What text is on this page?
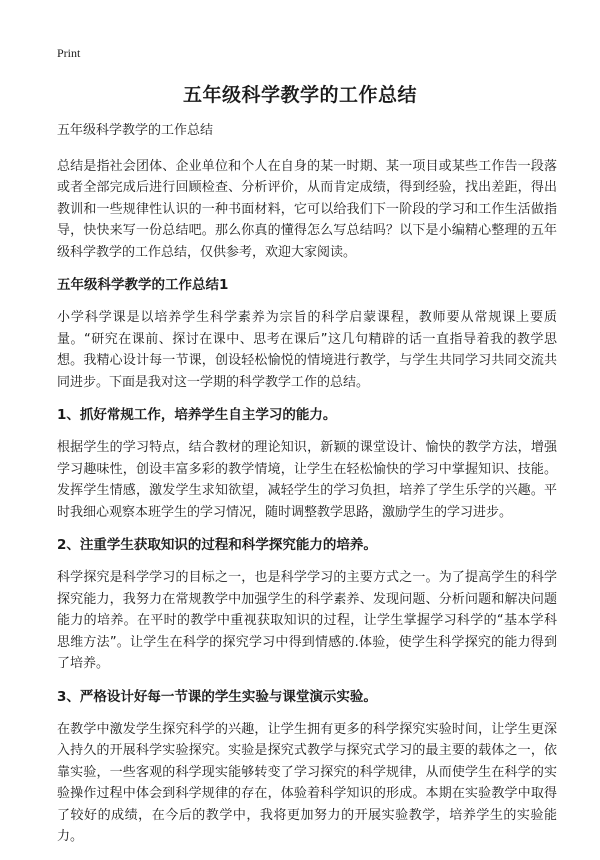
Print
五年级科学教学的工作总结

五年级科学教学的工作总结

总结是指社会团体、企业单位和个人在自身的某一时期、某一项目或某些工作告一段落或者全部完成后进行回顾检查、分析评价，从而肯定成绩，得到经验，找出差距，得出教训和一些规律性认识的一种书面材料，它可以给我们下一阶段的学习和工作生活做指导，快快来写一份总结吧。那么你真的懂得怎么写总结吗？以下是小编精心整理的五年级科学教学的工作总结，仅供参考，欢迎大家阅读。

五年级科学教学的工作总结1

小学科学课是以培养学生科学素养为宗旨的科学启蒙课程，教师要从常规课上要质量。“研究在课前、探讨在课中、思考在课后”这几句精辟的话一直指导着我的教学思想。我精心设计每一节课，创设轻松愉悦的情境进行教学，与学生共同学习共同交流共同进步。下面是我对这一学期的科学教学工作的总结。

1、抓好常规工作，培养学生自主学习的能力。

根据学生的学习特点，结合教材的理论知识，新颖的课堂设计、愉快的教学方法，增强学习趣味性，创设丰富多彩的教学情境，让学生在轻松愉快的学习中掌握知识、技能。发挥学生情感，激发学生求知欲望，减轻学生的学习负担，培养了学生乐学的兴趣。平时我细心观察本班学生的学习情况，随时调整教学思路，激励学生的学习进步。

2、注重学生获取知识的过程和科学探究能力的培养。

科学探究是科学学习的目标之一，也是科学学习的主要方式之一。为了提高学生的科学探究能力，我努力在常规教学中加强学生的科学素养、发现问题、分析问题和解决问题能力的培养。在平时的教学中重视获取知识的过程，让学生掌握学习科学的“基本学科思维方法”。让学生在科学的探究学习中得到情感的.体验，使学生科学探究的能力得到了培养。

3、严格设计好每一节课的学生实验与课堂演示实验。

在教学中激发学生探究科学的兴趣，让学生拥有更多的科学探究实验时间，让学生更深入持久的开展科学实验探究。实验是探究式教学与探究式学习的最主要的载体之一，依靠实验，一些客观的科学现实能够转变了学习探究的科学规律，从而使学生在科学的实验操作过程中体会到科学规律的存在，体验着科学知识的形成。本期在实验教学中取得了较好的成绩，在今后的教学中，我将更加努力的开展实验教学，培养学生的实验能力。
